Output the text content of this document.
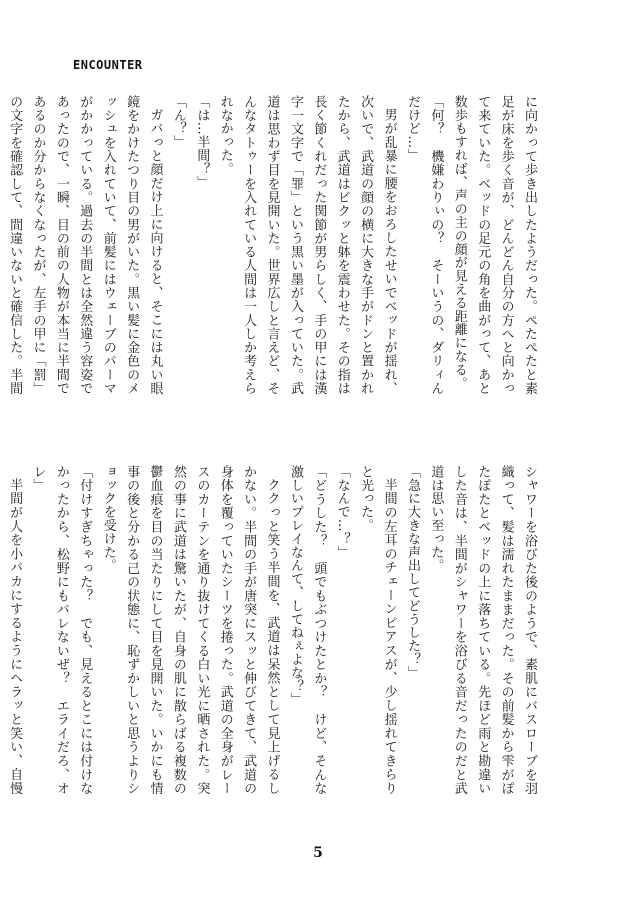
ENCOUNTER

に向かって歩き出したようだった。ペたぺたと素足が床を歩く音が、どんどん自分の方へと向かって来ていた。ベッドの足元の角を曲がって、あと数歩もすれば、声の主の顔が見える距離になる。

「何？　機嫌わりぃの？　そーいうの、ダリィんだけど…」

男が乱暴に腰をおろしたせいでベッドが揺れ、次いで、武道の顔の横に大きな手がドンと置かれたから、武道はビクッと躰を震わせた。その指は長く節くれだった関節が男らしく、手の甲には漢字一文字で「罪」という黒い墨が入っていた。武道は思わず目を見開いた。世界広しと言えど、そんなタトゥーを入れている人間は一人しか考えられなかった。

「は…半間？」

「ん？」

ガバっと顔だけ上に向けると、そこには丸い眼鏡をかけたつり目の男がいた。黒い髪に金色のメッシュを入れていて、前髪にはウェーブのパーマがかかっている。過去の半間とは全然違う容姿であったので、一瞬、目の前の人物が本当に半間であるのか分からなくなったが、左手の甲に「罰」の文字を確認して、間違いないと確信した。半間

シャワーを浴びた後のようで、素肌にバスローブを羽織って、髪は濡れたままだった。その前髪から雫がぽたぽたとベッドの上に落ちている。先ほど雨と勘違いした音は、半間がシャワーを浴びる音だったのだと武道は思い至った。

「急に大きな声出してどうした？」

半間の左耳のチェーンピアスが、少し揺れてきらりと光った。

「なんで…？」

「どうした？　頭でもぶつけたとか？　けど、そんな激しいプレイなんて、してねぇよな？」

ククっと笑う半間を、武道は呆然として見上げるしかない。半間の手が唐突にスッと伸びてきて、武道の身体を覆っていたシーツを捲った。武道の全身がレースのカーテンを通り抜けてくる白い光に晒された。突然の事に武道は驚いたが、自身の肌に散らばる複数の鬱血痕を目の当たりにして目を見開いた。いかにも情事の後と分かる己の状態に、恥ずかしいと思うよりショックを受けた。

「付けすぎちゃった？　でも、見えるとこには付けなかったから、松野にもバレないぜ？　エライだろ、オレ」

半間が人を小バカにするようにヘラッと笑い、自慢

5
